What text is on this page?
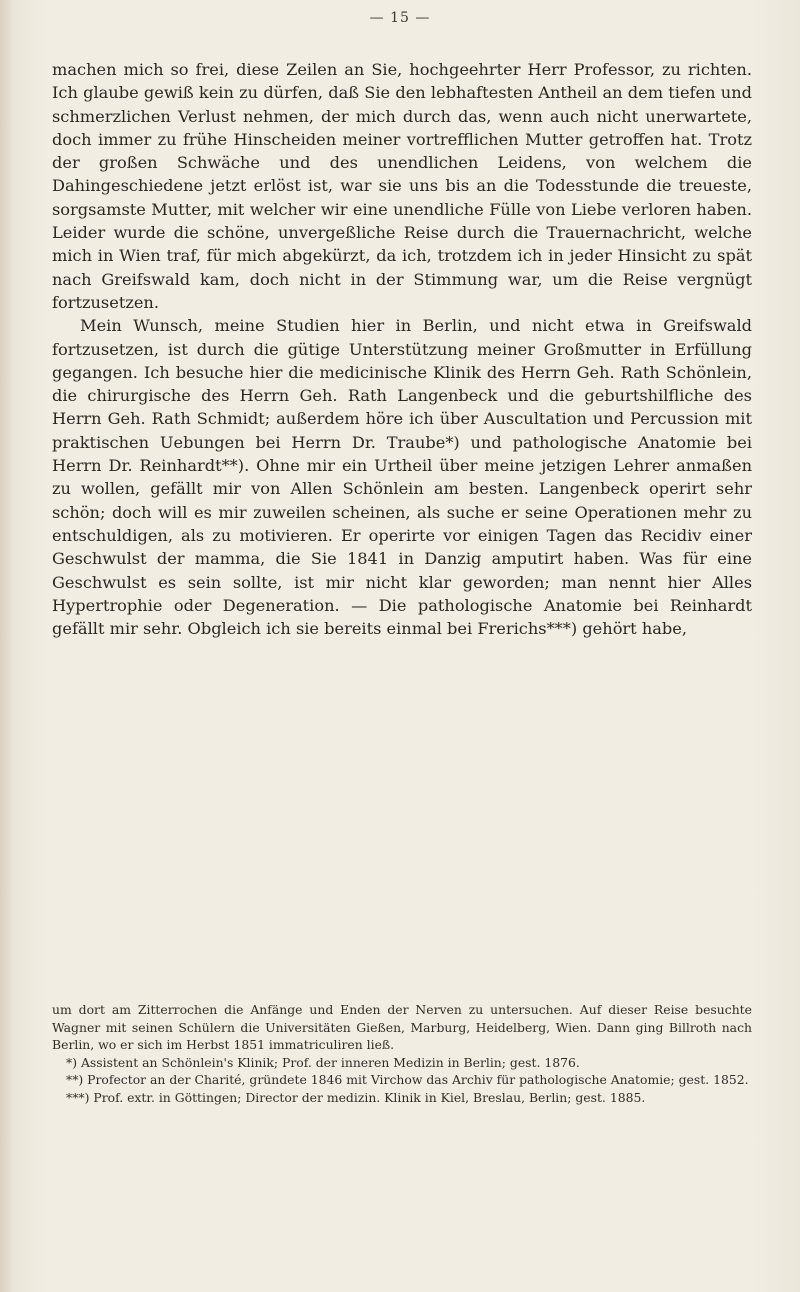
— 15 —

machen mich so frei, diese Zeilen an Sie, hochgeehrter Herr Professor, zu richten. Ich glaube gewiß kein zu dürfen, daß Sie den lebhaftesten Antheil an dem tiefen und schmerzlichen Verlust nehmen, der mich durch das, wenn auch nicht unerwartete, doch immer zu frühe Hinscheiden meiner vortrefflichen Mutter getroffen hat. Trotz der großen Schwäche und des unendlichen Leidens, von welchem die Dahingeschiedene jetzt erlöst ist, war sie uns bis an die Todesstunde die treueste, sorgsamste Mutter, mit welcher wir eine unendliche Fülle von Liebe verloren haben. Leider wurde die schöne, unvergeßliche Reise durch die Trauernachricht, welche mich in Wien traf, für mich abgekürzt, da ich, trotzdem ich in jeder Hinsicht zu spät nach Greifswald kam, doch nicht in der Stimmung war, um die Reise vergnügt fortzusetzen.

Mein Wunsch, meine Studien hier in Berlin, und nicht etwa in Greifswald fortzusetzen, ist durch die gütige Unterstützung meiner Großmutter in Erfüllung gegangen. Ich besuche hier die medicinische Klinik des Herrn Geh. Rath Schönlein, die chirurgische des Herrn Geh. Rath Langenbeck und die geburtshilfliche des Herrn Geh. Rath Schmidt; außerdem höre ich über Auscultation und Percussion mit praktischen Uebungen bei Herrn Dr. Traube*) und pathologische Anatomie bei Herrn Dr. Reinhardt**). Ohne mir ein Urtheil über meine jetzigen Lehrer anmaßen zu wollen, gefällt mir von Allen Schönlein am besten. Langenbeck operirt sehr schön; doch will es mir zuweilen scheinen, als suche er seine Operationen mehr zu entschuldigen, als zu motivieren. Er operirte vor einigen Tagen das Recidiv einer Geschwulst der mamma, die Sie 1841 in Danzig amputirt haben. Was für eine Geschwulst es sein sollte, ist mir nicht klar geworden; man nennt hier Alles Hypertrophie oder Degeneration. — Die pathologische Anatomie bei Reinhardt gefällt mir sehr. Obgleich ich sie bereits einmal bei Frerichs***) gehört habe,

um dort am Zitterrochen die Anfänge und Enden der Nerven zu untersuchen. Auf dieser Reise besuchte Wagner mit seinen Schülern die Universitäten Gießen, Marburg, Heidelberg, Wien. Dann ging Billroth nach Berlin, wo er sich im Herbst 1851 immatriculiren ließ.

*) Assistent an Schönlein's Klinik; Prof. der inneren Medizin in Berlin; gest. 1876.

**) Profector an der Charité, gründete 1846 mit Virchow das Archiv für pathologische Anatomie; gest. 1852.

***) Prof. extr. in Göttingen; Director der medizin. Klinik in Kiel, Breslau, Berlin; gest. 1885.
